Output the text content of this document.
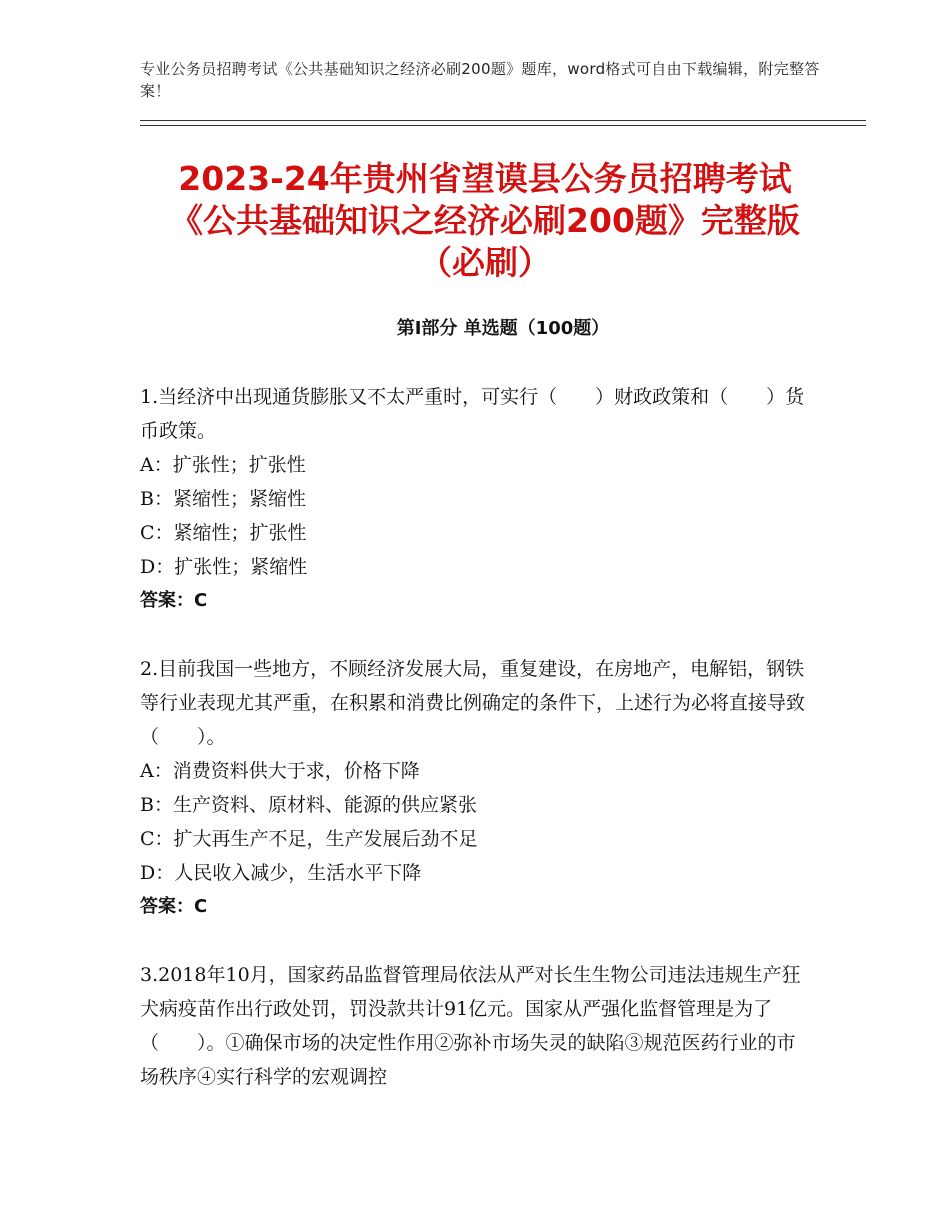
专业公务员招聘考试《公共基础知识之经济必刷200题》题库，word格式可自由下载编辑，附完整答案！
2023-24年贵州省望谟县公务员招聘考试
《公共基础知识之经济必刷200题》完整版
（必刷）
第Ⅰ部分 单选题（100题）
1.当经济中出现通货膨胀又不太严重时，可实行（　　）财政政策和（　　）货币政策。
A：扩张性；扩张性
B：紧缩性；紧缩性
C：紧缩性；扩张性
D：扩张性；紧缩性
答案：C
2.目前我国一些地方，不顾经济发展大局，重复建设，在房地产，电解铝，钢铁等行业表现尤其严重，在积累和消费比例确定的条件下，上述行为必将直接导致（　　）。
A：消费资料供大于求，价格下降
B：生产资料、原材料、能源的供应紧张
C：扩大再生产不足，生产发展后劲不足
D：人民收入减少，生活水平下降
答案：C
3.2018年10月，国家药品监督管理局依法从严对长生生物公司违法违规生产狂犬病疫苗作出行政处罚，罚没款共计91亿元。国家从严强化监督管理是为了（　　）。①确保市场的决定性作用②弥补市场失灵的缺陷③规范医药行业的市场秩序④实行科学的宏观调控
